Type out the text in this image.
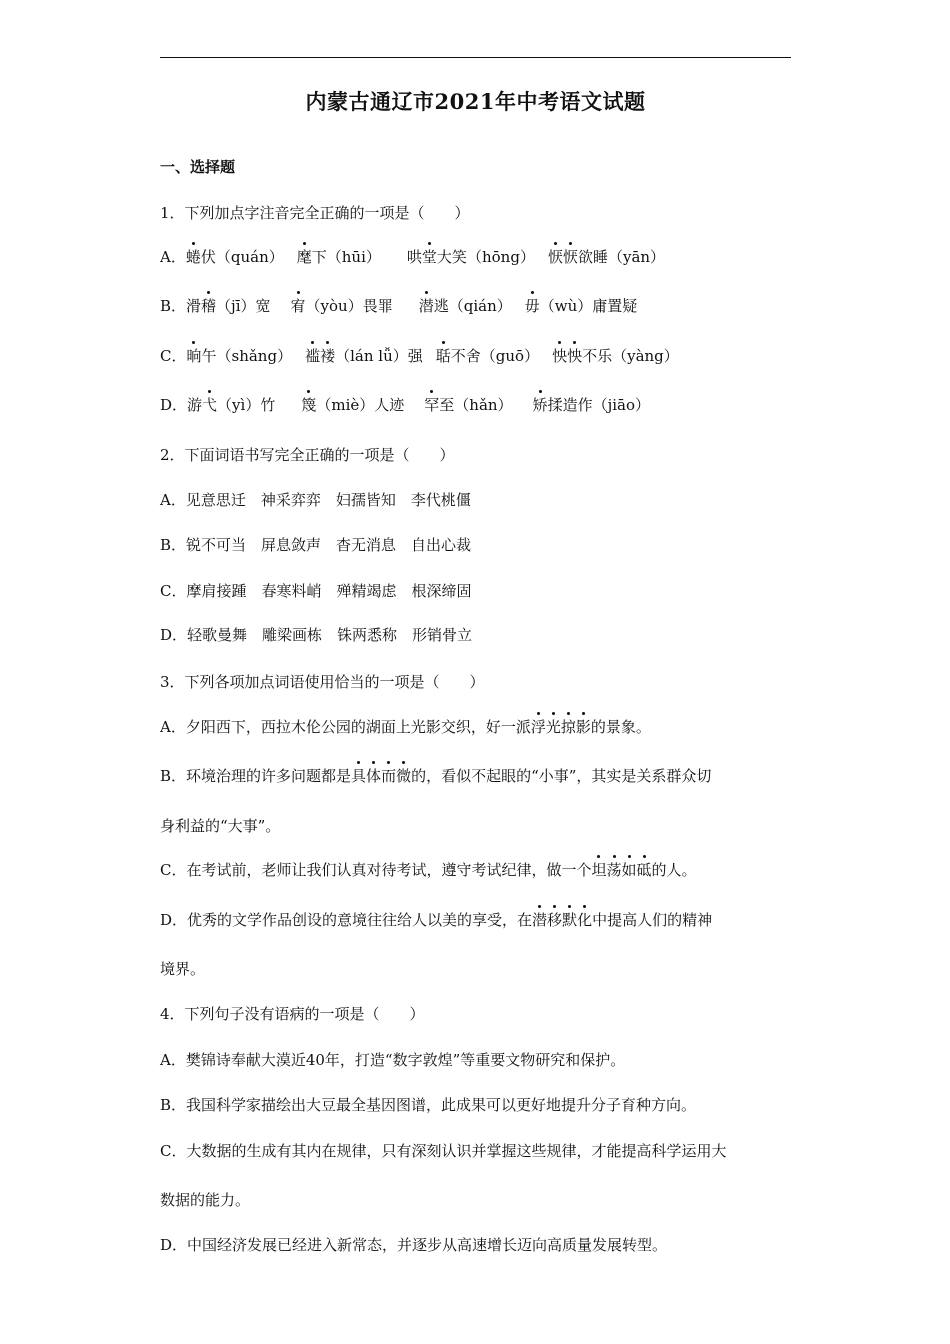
内蒙古通辽市2021年中考语文试题
一、选择题
1．下列加点字注音完全正确的一项是（　　）
A．蜷伏（quán） 麾下（hūi） 哄堂大笑（hōng） 恹恹欲睡（yān）
B．滑稽（jī）宽 宥（yòu）畏罪 潜逃（qián） 毋（wù）庸置疑
C．晌午（shǎng） 褴褛（lán lǚ）强 聒不舍（guō） 怏怏不乐（yàng）
D．游弋（yì）竹 篾（miè）人迹 罕至（hǎn） 矫揉造作（jiāo）
2．下面词语书写完全正确的一项是（　　）
A．见意思迁　神采弈弈　妇孺皆知　李代桃僵
B．锐不可当　屏息敛声　杳无消息　自出心裁
C．摩肩接踵　春寒料峭　殚精竭虑　根深缔固
D．轻歌曼舞　雕梁画栋　铢两悉称　形销骨立
3．下列各项加点词语使用恰当的一项是（　　）
A．夕阳西下，西拉木伦公园的湖面上光影交织，好一派浮光掠影的景象。
B．环境治理的许多问题都是具体而微的，看似不起眼的“小事”，其实是关系群众切
身利益的“大事”。
C．在考试前，老师让我们认真对待考试，遵守考试纪律，做一个坦荡如砥的人。
D．优秀的文学作品创设的意境往往给人以美的享受，在潜移默化中提高人们的精神
境界。
4．下列句子没有语病的一项是（　　）
A．樊锦诗奉献大漠近40年，打造“数字敦煌”等重要文物研究和保护。
B．我国科学家描绘出大豆最全基因图谱，此成果可以更好地提升分子育种方向。
C．大数据的生成有其内在规律，只有深刻认识并掌握这些规律，才能提高科学运用大
数据的能力。
D．中国经济发展已经进入新常态，并逐步从高速增长迈向高质量发展转型。
